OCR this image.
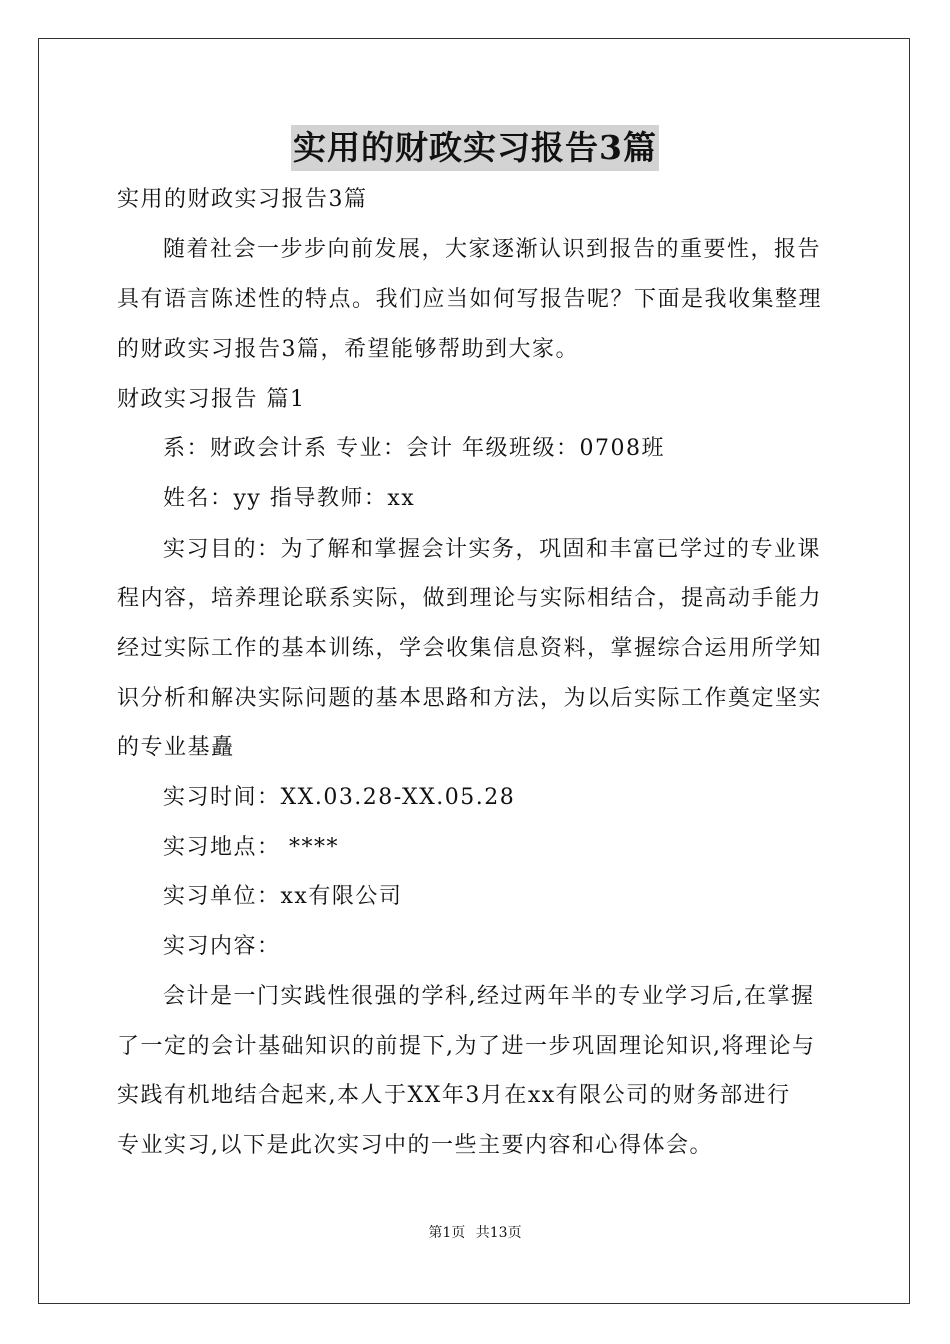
实用的财政实习报告3篇
实用的财政实习报告3篇
随着社会一步步向前发展，大家逐渐认识到报告的重要性，报告
具有语言陈述性的特点。我们应当如何写报告呢？下面是我收集整理
的财政实习报告3篇，希望能够帮助到大家。
财政实习报告 篇1
系：财政会计系 专业：会计 年级班级：0708班
姓名：yy 指导教师：xx
实习目的：为了解和掌握会计实务，巩固和丰富已学过的专业课
程内容，培养理论联系实际，做到理论与实际相结合，提高动手能力
经过实际工作的基本训练，学会收集信息资料，掌握综合运用所学知
识分析和解决实际问题的基本思路和方法，为以后实际工作奠定坚实
的专业基矗
实习时间：XX.03.28-XX.05.28
实习地点： ****
实习单位：xx有限公司
实习内容：
会计是一门实践性很强的学科,经过两年半的专业学习后,在掌握
了一定的会计基础知识的前提下,为了进一步巩固理论知识,将理论与
实践有机地结合起来,本人于XX年3月在xx有限公司的财务部进行
专业实习,以下是此次实习中的一些主要内容和心得体会。
第1页 共13页
